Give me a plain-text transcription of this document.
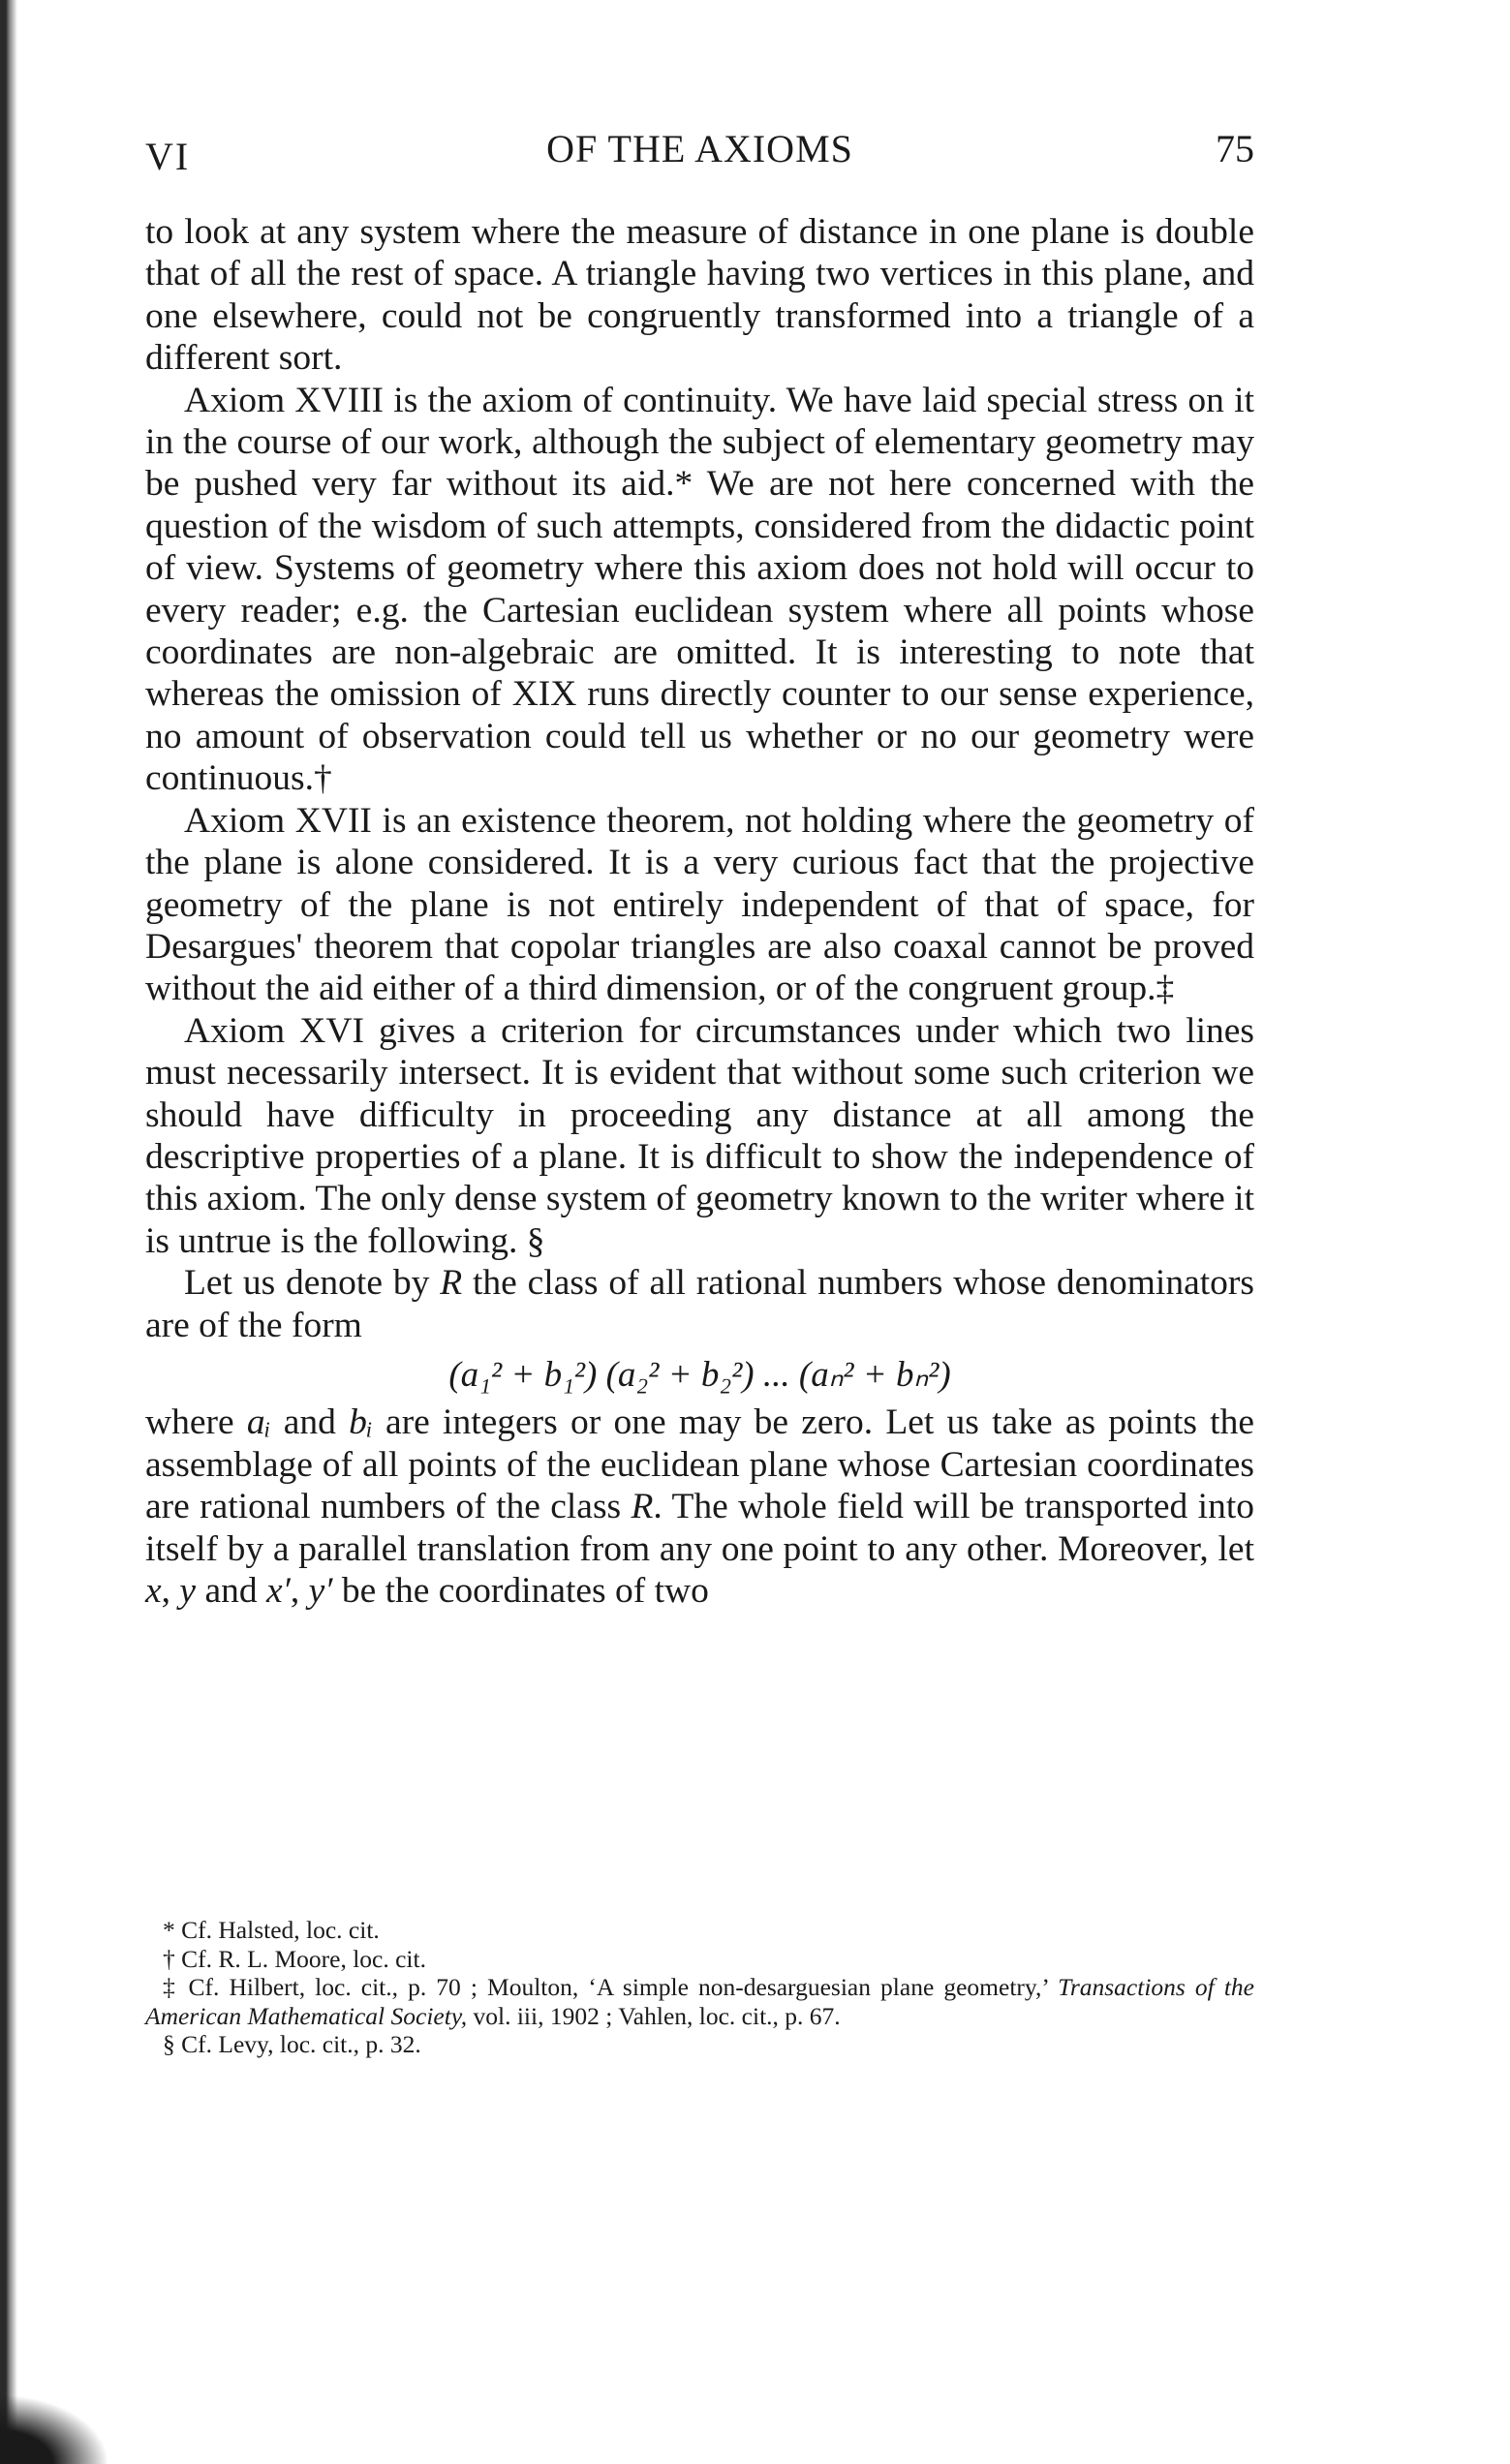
VI	OF THE AXIOMS	75

to look at any system where the measure of distance in one plane is double that of all the rest of space. A triangle having two vertices in this plane, and one elsewhere, could not be congruently transformed into a triangle of a different sort.

Axiom XVIII is the axiom of continuity. We have laid special stress on it in the course of our work, although the subject of elementary geometry may be pushed very far without its aid.* We are not here concerned with the question of the wisdom of such attempts, considered from the didactic point of view. Systems of geometry where this axiom does not hold will occur to every reader; e.g. the Cartesian euclidean system where all points whose coordinates are non-algebraic are omitted. It is interesting to note that whereas the omission of XIX runs directly counter to our sense experience, no amount of observation could tell us whether or no our geometry were continuous.†

Axiom XVII is an existence theorem, not holding where the geometry of the plane is alone considered. It is a very curious fact that the projective geometry of the plane is not entirely independent of that of space, for Desargues' theorem that copolar triangles are also coaxal cannot be proved without the aid either of a third dimension, or of the congruent group.‡

Axiom XVI gives a criterion for circumstances under which two lines must necessarily intersect. It is evident that without some such criterion we should have difficulty in proceeding any distance at all among the descriptive properties of a plane. It is difficult to show the independence of this axiom. The only dense system of geometry known to the writer where it is untrue is the following. §

Let us denote by R the class of all rational numbers whose denominators are of the form

(a₁² + b₁²) (a₂² + b₂²) ... (aₙ² + bₙ²)

where aᵢ and bᵢ are integers or one may be zero. Let us take as points the assemblage of all points of the euclidean plane whose Cartesian coordinates are rational numbers of the class R. The whole field will be transported into itself by a parallel translation from any one point to any other. Moreover, let x, y and x′, y′ be the coordinates of two

* Cf. Halsted, loc. cit.

† Cf. R. L. Moore, loc. cit.

‡ Cf. Hilbert, loc. cit., p. 70 ; Moulton, ‘A simple non-desarguesian plane geometry,’ Transactions of the American Mathematical Society, vol. iii, 1902 ; Vahlen, loc. cit., p. 67.

§ Cf. Levy, loc. cit., p. 32.
